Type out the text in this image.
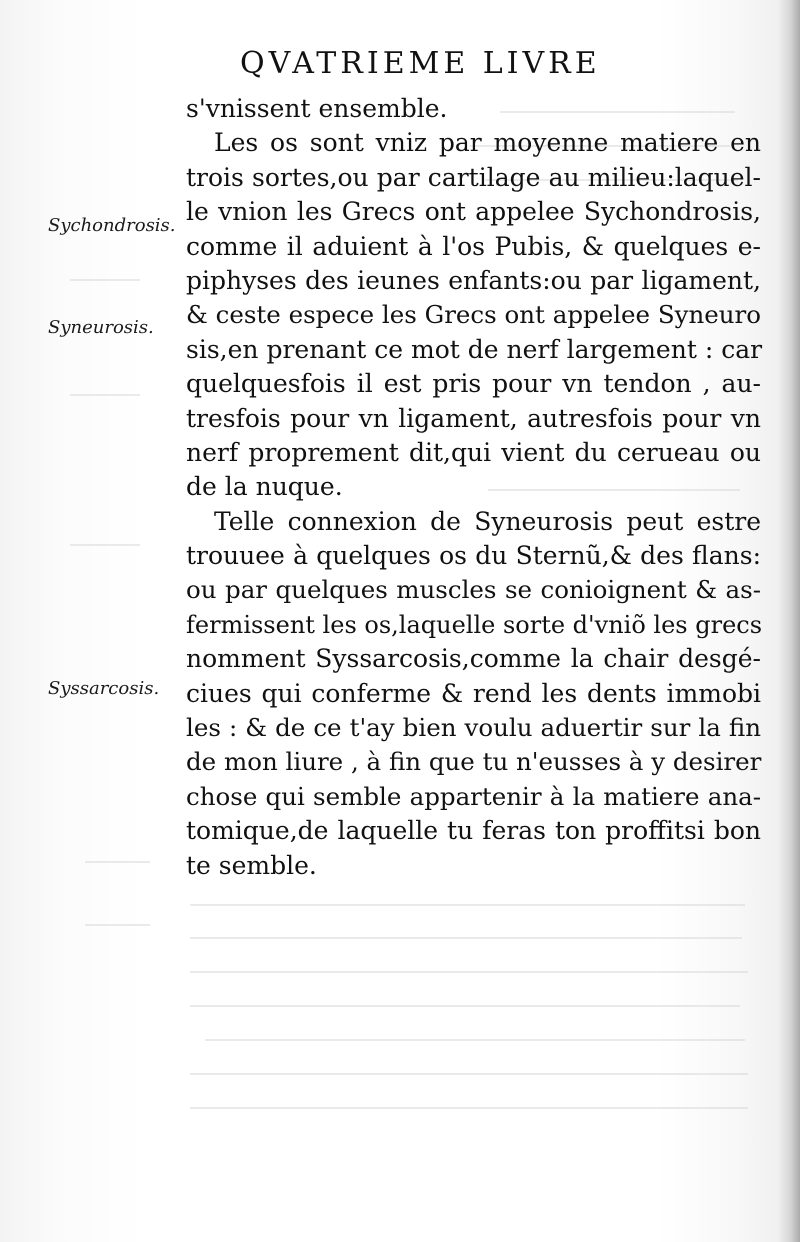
QVATRIEME LIVRE
Sychondrosis.
Syneurosis.
Syssarcosis.
s'vnissent ensemble.
Les os sont vniz par moyenne matiere en
trois sortes,ou par cartilage au milieu:laquel-
le vnion les Grecs ont appelee Sychondrosis,
comme il aduient à l'os Pubis, & quelques e-
piphyses des ieunes enfants:ou par ligament,
& ceste espece les Grecs ont appelee Syneuro
sis,en prenant ce mot de nerf largement : car
quelquesfois il est pris pour vn tendon , au-
tresfois pour vn ligament, autresfois pour vn
nerf proprement dit,qui vient du cerueau ou
de la nuque.
Telle connexion de Syneurosis peut estre
trouuee à quelques os du Sternũ,& des flans:
ou par quelques muscles se conioignent & as-
fermissent les os,laquelle sorte d'vniõ les grecs
nomment Syssarcosis,comme la chair desgé-
ciues qui conferme & rend les dents immobi
les : & de ce t'ay bien voulu aduertir sur la fin
de mon liure , à fin que tu n'eusses à y desirer
chose qui semble appartenir à la matiere ana-
tomique,de laquelle tu feras ton proffitsi bon
te semble.
